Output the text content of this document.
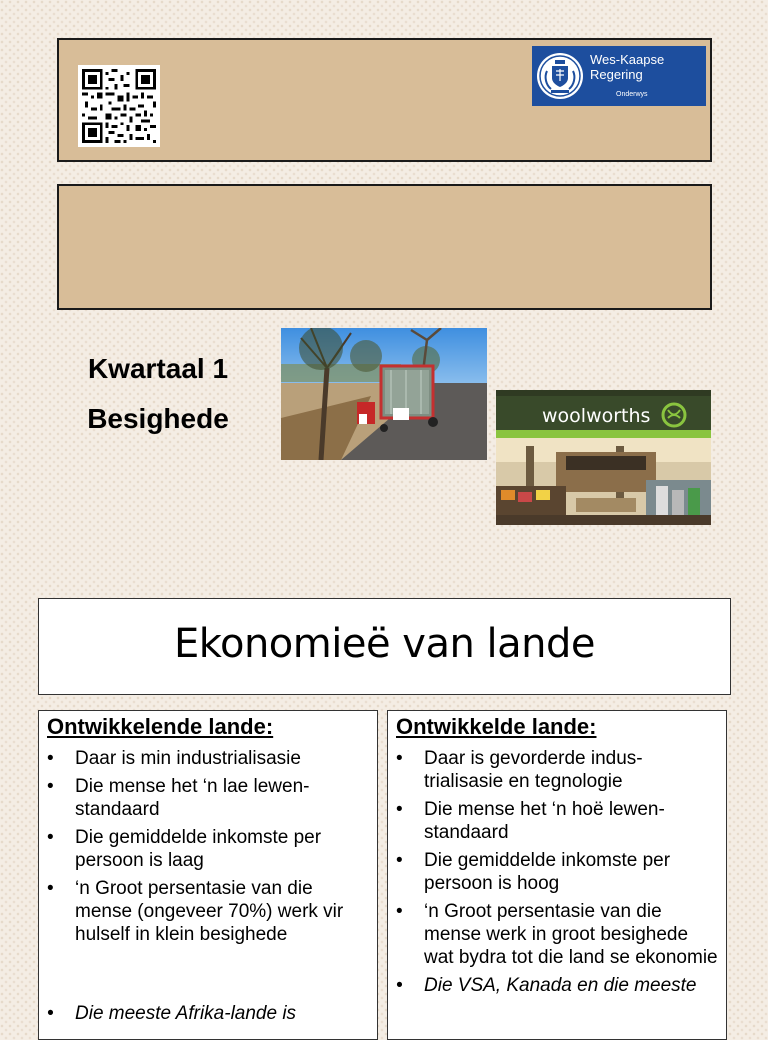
Wes-Kaapse
Regering
Onderwys
Kwartaal 1
Besighede	woolworths
Ekonomieë van lande
Ontwikkelende lande:
• Daar is min industrialisasie
• Die mense het ‘n lae lewen-standaard
• Die gemiddelde inkomste per persoon is laag
• ‘n Groot persentasie van die mense (ongeveer 70%) werk vir hulself in klein besighede
• Die meeste Afrika-lande is
Ontwikkelde lande:
• Daar is gevorderde indus-trialisasie en tegnologie
• Die mense het ‘n hoë lewen-standaard
• Die gemiddelde inkomste per persoon is hoog
• ‘n Groot persentasie van die mense werk in groot besighede wat bydra tot die land se ekonomie
• Die VSA, Kanada en die meeste
